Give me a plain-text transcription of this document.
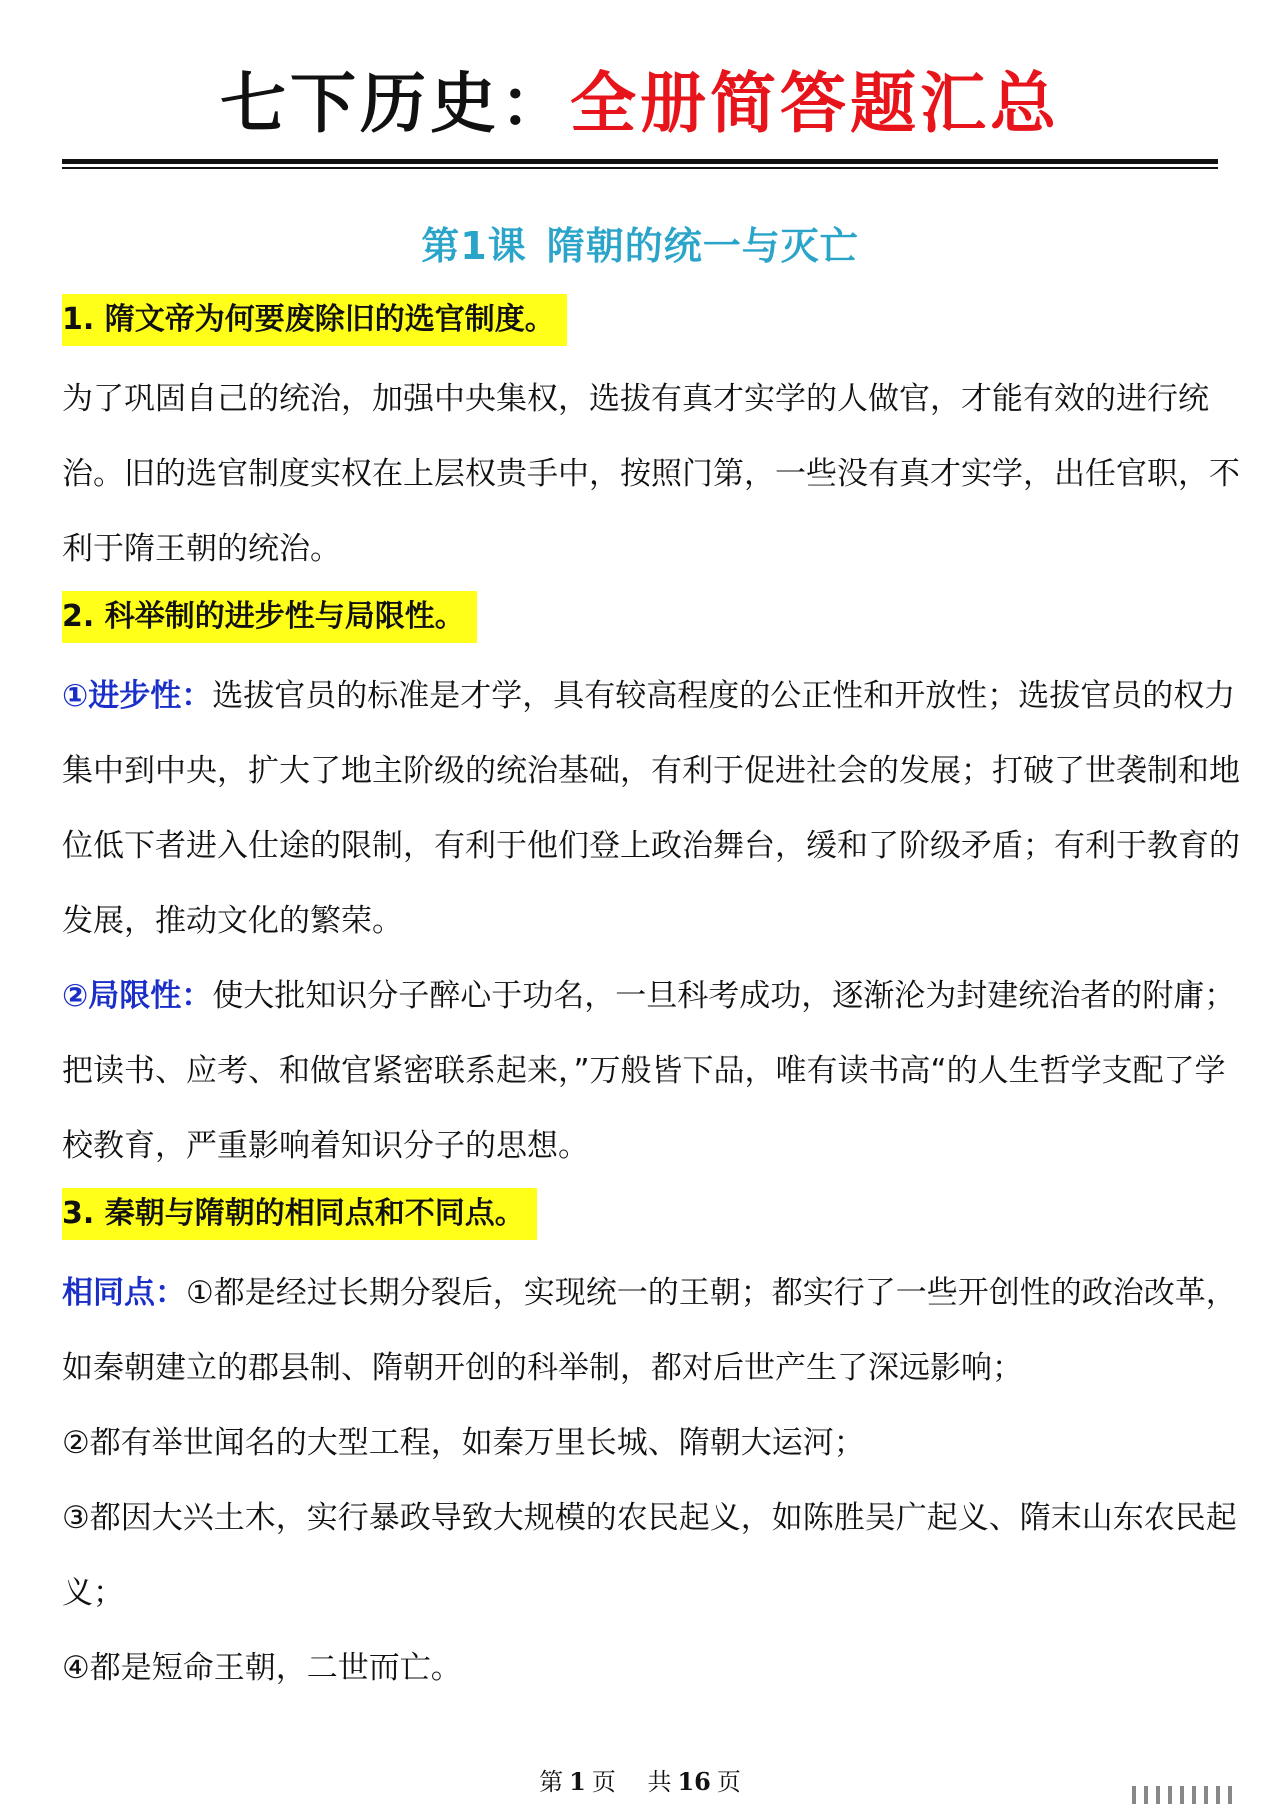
七下历史：全册简答题汇总
第1课 隋朝的统一与灭亡
1. 隋文帝为何要废除旧的选官制度。

为了巩固自己的统治，加强中央集权，选拔有真才实学的人做官，才能有效的进行统治。旧的选官制度实权在上层权贵手中，按照门第，一些没有真才实学，出任官职，不利于隋王朝的统治。

2. 科举制的进步性与局限性。

①进步性：选拔官员的标准是才学，具有较高程度的公正性和开放性；选拔官员的权力集中到中央，扩大了地主阶级的统治基础，有利于促进社会的发展；打破了世袭制和地位低下者进入仕途的限制，有利于他们登上政治舞台，缓和了阶级矛盾；有利于教育的发展，推动文化的繁荣。

②局限性：使大批知识分子醉心于功名，一旦科考成功，逐渐沦为封建统治者的附庸；把读书、应考、和做官紧密联系起来，”万般皆下品，唯有读书高“的人生哲学支配了学校教育，严重影响着知识分子的思想。

3. 秦朝与隋朝的相同点和不同点。

相同点：①都是经过长期分裂后，实现统一的王朝；都实行了一些开创性的政治改革，如秦朝建立的郡县制、隋朝开创的科举制，都对后世产生了深远影响；

②都有举世闻名的大型工程，如秦万里长城、隋朝大运河；

③都因大兴土木，实行暴政导致大规模的农民起义，如陈胜吴广起义、隋末山东农民起义；

④都是短命王朝，二世而亡。

第 1 页 共 16 页
